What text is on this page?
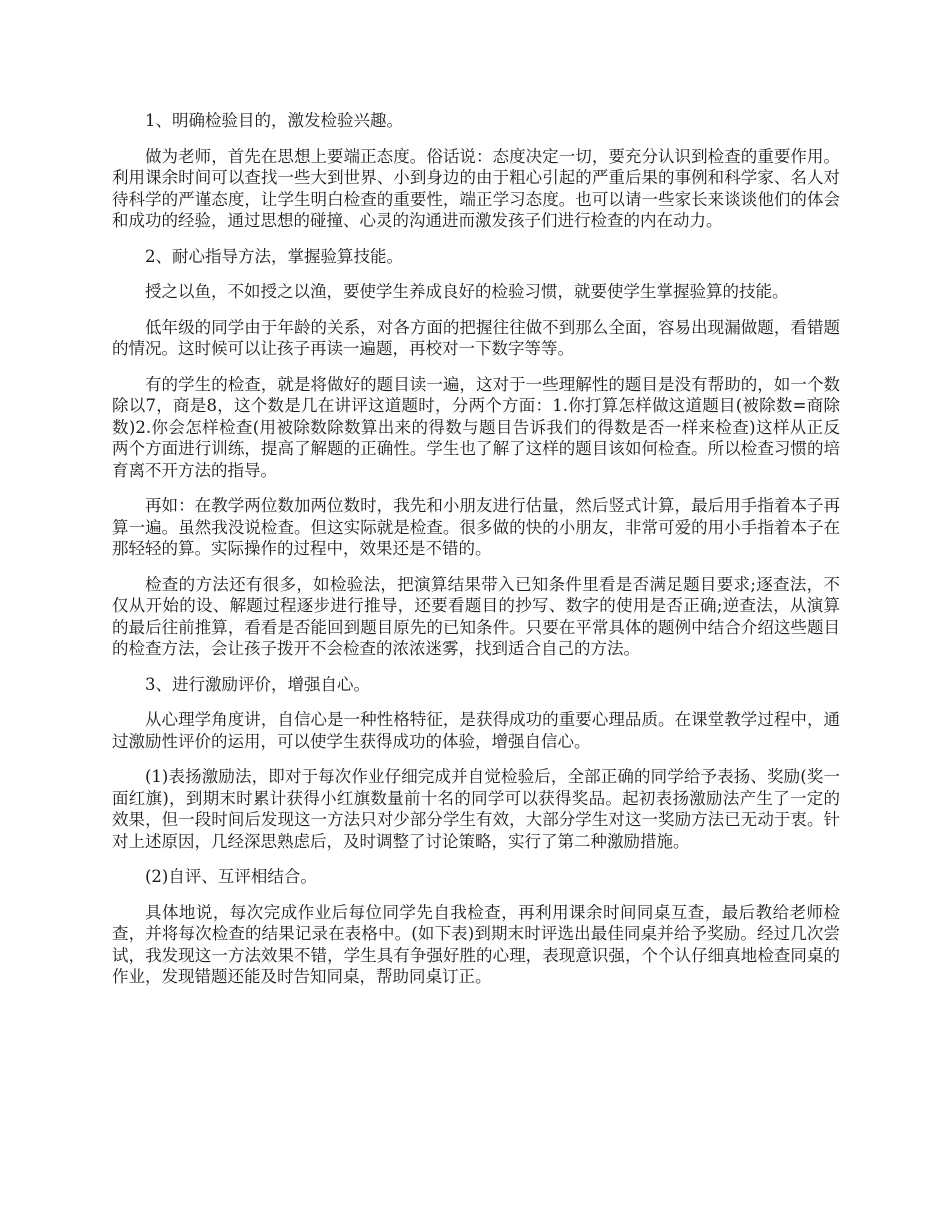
1、明确检验目的，激发检验兴趣。

做为老师，首先在思想上要端正态度。俗话说：态度决定一切，要充分认识到检查的重要作用。利用课余时间可以查找一些大到世界、小到身边的由于粗心引起的严重后果的事例和科学家、名人对待科学的严谨态度，让学生明白检查的重要性，端正学习态度。也可以请一些家长来谈谈他们的体会和成功的经验，通过思想的碰撞、心灵的沟通进而激发孩子们进行检查的内在动力。

2、耐心指导方法，掌握验算技能。

授之以鱼，不如授之以渔，要使学生养成良好的检验习惯，就要使学生掌握验算的技能。

低年级的同学由于年龄的关系，对各方面的把握往往做不到那么全面，容易出现漏做题，看错题的情况。这时候可以让孩子再读一遍题，再校对一下数字等等。

有的学生的检查，就是将做好的题目读一遍，这对于一些理解性的题目是没有帮助的，如一个数除以7，商是8，这个数是几在讲评这道题时，分两个方面：1.你打算怎样做这道题目(被除数=商除数)2.你会怎样检查(用被除数除数算出来的得数与题目告诉我们的得数是否一样来检查)这样从正反两个方面进行训练，提高了解题的正确性。学生也了解了这样的题目该如何检查。所以检查习惯的培育离不开方法的指导。

再如：在教学两位数加两位数时，我先和小朋友进行估量，然后竖式计算，最后用手指着本子再算一遍。虽然我没说检查。但这实际就是检查。很多做的快的小朋友，非常可爱的用小手指着本子在那轻轻的算。实际操作的过程中，效果还是不错的。

检查的方法还有很多，如检验法，把演算结果带入已知条件里看是否满足题目要求;逐查法，不仅从开始的设、解题过程逐步进行推导，还要看题目的抄写、数字的使用是否正确;逆查法，从演算的最后往前推算，看看是否能回到题目原先的已知条件。只要在平常具体的题例中结合介绍这些题目的检查方法，会让孩子拨开不会检查的浓浓迷雾，找到适合自己的方法。

3、进行激励评价，增强自心。

从心理学角度讲，自信心是一种性格特征，是获得成功的重要心理品质。在课堂教学过程中，通过激励性评价的运用，可以使学生获得成功的体验，增强自信心。

(1)表扬激励法，即对于每次作业仔细完成并自觉检验后，全部正确的同学给予表扬、奖励(奖一面红旗)，到期末时累计获得小红旗数量前十名的同学可以获得奖品。起初表扬激励法产生了一定的效果，但一段时间后发现这一方法只对少部分学生有效，大部分学生对这一奖励方法已无动于衷。针对上述原因，几经深思熟虑后，及时调整了讨论策略，实行了第二种激励措施。

(2)自评、互评相结合。

具体地说，每次完成作业后每位同学先自我检查，再利用课余时间同桌互查，最后教给老师检查，并将每次检查的结果记录在表格中。(如下表)到期末时评选出最佳同桌并给予奖励。经过几次尝试，我发现这一方法效果不错，学生具有争强好胜的心理，表现意识强，个个认仔细真地检查同桌的作业，发现错题还能及时告知同桌，帮助同桌订正。
